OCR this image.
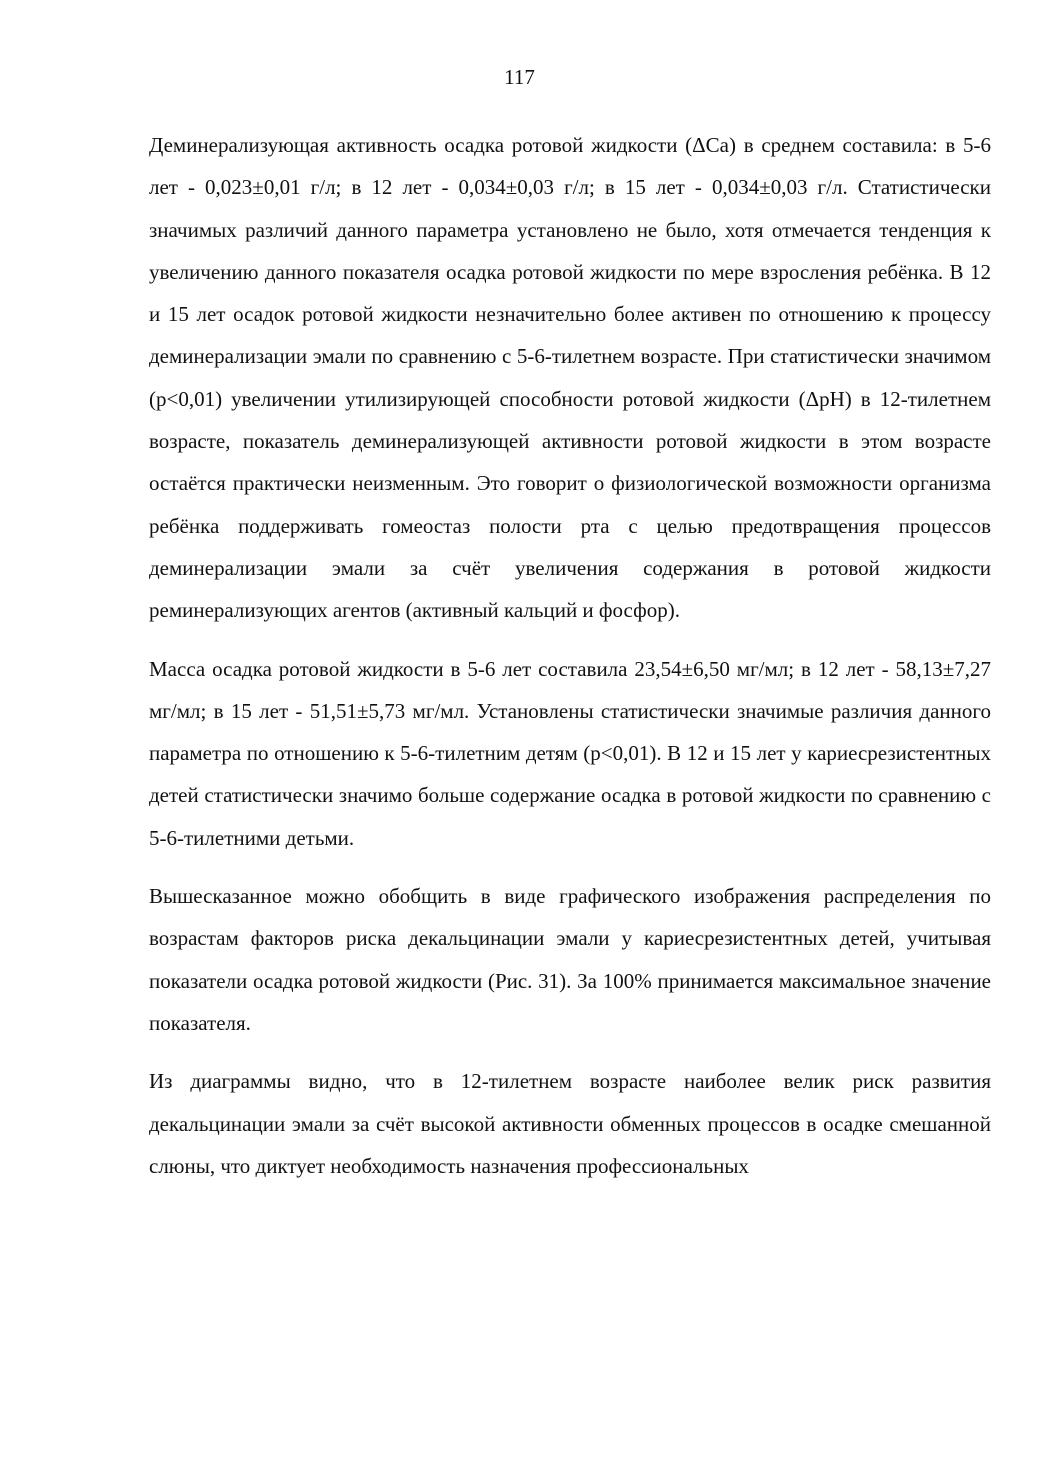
117

Деминерализующая активность осадка ротовой жидкости (ΔCa) в среднем составила: в 5-6 лет - 0,023±0,01 г/л; в 12 лет - 0,034±0,03 г/л; в 15 лет - 0,034±0,03 г/л. Статистически значимых различий данного параметра установлено не было, хотя отмечается тенденция к увеличению данного показателя осадка ротовой жидкости по мере взросления ребёнка. В 12 и 15 лет осадок ротовой жидкости незначительно более активен по отношению к процессу деминерализации эмали по сравнению с 5-6-тилетнем возрасте. При статистически значимом (p<0,01) увеличении утилизирующей способности ротовой жидкости (ΔpH) в 12-тилетнем возрасте, показатель деминерализующей активности ротовой жидкости в этом возрасте остаётся практически неизменным. Это говорит о физиологической возможности организма ребёнка поддерживать гомеостаз полости рта с целью предотвращения процессов деминерализации эмали за счёт увеличения содержания в ротовой жидкости реминерализующих агентов (активный кальций и фосфор).

Масса осадка ротовой жидкости в 5-6 лет составила 23,54±6,50 мг/мл; в 12 лет - 58,13±7,27 мг/мл; в 15 лет - 51,51±5,73 мг/мл. Установлены статистически значимые различия данного параметра по отношению к 5-6-тилетним детям (p<0,01). В 12 и 15 лет у кариесрезистентных детей статистически значимо больше содержание осадка в ротовой жидкости по сравнению с 5-6-тилетними детьми.

Вышесказанное можно обобщить в виде графического изображения распределения по возрастам факторов риска декальцинации эмали у кариесрезистентных детей, учитывая показатели осадка ротовой жидкости (Рис. 31). За 100% принимается максимальное значение показателя.

Из диаграммы видно, что в 12-тилетнем возрасте наиболее велик риск развития декальцинации эмали за счёт высокой активности обменных процессов в осадке смешанной слюны, что диктует необходимость назначения профессиональных
